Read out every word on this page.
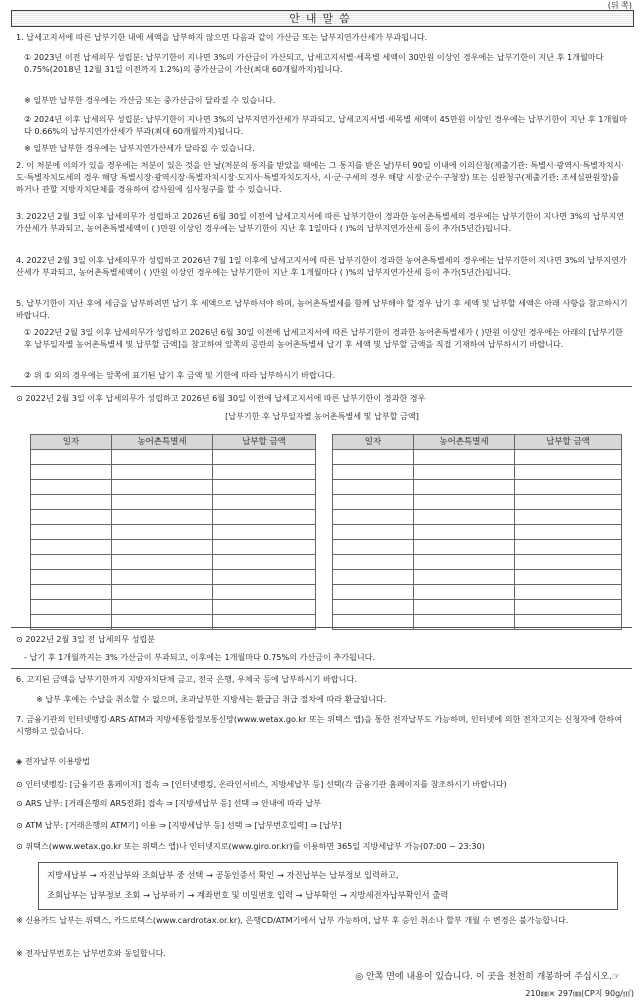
(뒤 쪽)
안내말씀

1. 납세고지서에 따른 납부기한 내에 세액을 납부하지 않으면 다음과 같이 가산금 또는 납부지연가산세가 부과됩니다.

① 2023년 이전 납세의무 성립분: 납부기한이 지나면 3%의 가산금이 가산되고, 납세고지서별·세목별 세액이 30만원 이상인 경우에는 납부기한이 지난 후 1개월마다 0.75%(2018년 12월 31일 이전까지 1.2%)의 중가산금이 가산(최대 60개월까지)됩니다.

※ 일부만 납부한 경우에는 가산금 또는 중가산금이 달라질 수 있습니다.

② 2024년 이후 납세의무 성립분: 납부기한이 지나면 3%의 납부지연가산세가 부과되고, 납세고지서별·세목별 세액이 45만원 이상인 경우에는 납부기한이 지난 후 1개월마다 0.66%의 납부지연가산세가 부과(최대 60개월까지)됩니다.

※ 일부만 납부한 경우에는 납부지연가산세가 달라질 수 있습니다.

2. 이 처분에 이의가 있을 경우에는 처분이 있은 것을 안 날(처분의 통지를 받았을 때에는 그 통지를 받은 날)부터 90일 이내에 이의신청(제출기관: 특별시·광역시·특별자치시·도·특별자치도세의 경우 해당 특별시장·광역시장·특별자치시장·도지사·특별자치도지사, 시·군·구세의 경우 해당 시장·군수·구청장) 또는 심판청구(제출기관: 조세심판원장)를 하거나 관할 지방자치단체를 경유하여 감사원에 심사청구를 할 수 있습니다.

3. 2022년 2월 3일 이후 납세의무가 성립하고 2026년 6월 30일 이전에 납세고지서에 따른 납부기한이 경과한 농어촌특별세의 경우에는 납부기한이 지나면 3%의 납부지연가산세가 부과되고, 농어촌특별세액이 ( )만원 이상인 경우에는 납부기한이 지난 후 1일마다 ( )%의 납부지연가산세 등이 추가(5년간)됩니다.

4. 2022년 2월 3일 이후 납세의무가 성립하고 2026년 7월 1일 이후에 납세고지서에 따른 납부기한이 경과한 농어촌특별세의 경우에는 납부기한이 지나면 3%의 납부지연가산세가 부과되고, 농어촌특별세액이 ( )만원 이상인 경우에는 납부기한이 지난 후 1개월마다 ( )%의 납부지연가산세 등이 추가(5년간)됩니다.

5. 납부기한이 지난 후에 세금을 납부하려면 납기 후 세액으로 납부하셔야 하며, 농어촌특별세를 함께 납부해야 할 경우 납기 후 세액 및 납부할 세액은 아래 사항을 참고하시기 바랍니다.

① 2022년 2월 3일 이후 납세의무가 성립하고 2026년 6월 30일 이전에 납세고지서에 따른 납부기한이 경과한 농어촌특별세가 ( )만원 이상인 경우에는 아래의 [납부기한 후 납부일자별 농어촌특별세 및 납부할 금액]을 참고하여 앞쪽의 공란의 농어촌특별세 납기 후 세액 및 납부할 금액을 직접 기재하여 납부하시기 바랍니다.

② 위 ① 외의 경우에는 앞쪽에 표기된 납기 후 금액 및 기한에 따라 납부하시기 바랍니다.

⊙ 2022년 2월 3일 이후 납세의무가 성립하고 2026년 6월 30일 이전에 납세고지서에 따른 납부기한이 경과한 경우

[납부기한 후 납부일자별 농어촌특별세 및 납부할 금액]

일자	농어촌특별세	납부할 금액

			일자	농어촌특별세	납부할 금액

⊙ 2022년 2월 3일 전 납세의무 성립분

- 납기 후 1개월까지는 3% 가산금이 부과되고, 이후에는 1개월마다 0.75%의 가산금이 추가됩니다.

6. 고지된 금액을 납부기한까지 지방자치단체 금고, 전국 은행, 우체국 등에 납부하시기 바랍니다.

※ 납부 후에는 수납을 취소할 수 없으며, 초과납부한 지방세는 환급금 취급 절차에 따라 환급됩니다.

7. 금융기관의 인터넷뱅킹·ARS·ATM과 지방세통합정보통신망(www.wetax.go.kr 또는 위택스 앱)을 통한 전자납부도 가능하며, 인터넷에 의한 전자고지는 신청자에 한하여 시행하고 있습니다.

◈ 전자납부 이용방법

⊙ 인터넷뱅킹: [금융기관 홈페이지] 접속 ⇒ [인터넷뱅킹, 온라인서비스, 지방세납부 등] 선택(각 금융기관 홈페이지를 참조하시기 바랍니다)

⊙ ARS 납부: [거래은행의 ARS전화] 접속 ⇒ [지방세납부 등] 선택 ⇒ 안내에 따라 납부

⊙ ATM 납부: [거래은행의 ATM기] 이용 ⇒ [지방세납부 등] 선택 ⇒ [납부번호입력] ⇒ [납부]

⊙ 위택스(www.wetax.go.kr 또는 위택스 앱)나 인터넷지로(www.giro.or.kr)를 이용하면 365일 지방세납부 가능(07:00 ~ 23:30)

지방세납부 → 자진납부와 조회납부 중 선택 → 공동인증서 확인 → 자진납부는 납부정보 입력하고,
조회납부는 납부정보 조회 → 납부하기 → 계좌번호 및 비밀번호 입력 → 납부확인 → 지방세전자납부확인서 출력

※ 신용카드 납부는 위택스, 카드로택스(www.cardrotax.or.kr), 은행CD/ATM기에서 납부 가능하며, 납부 후 승인 취소나 할부 개월 수 변경은 불가능합니다.

※ 전자납부번호는 납부번호와 동일합니다.

◎ 안쪽 면에 내용이 있습니다. 이 곳을 천천히 개봉하여 주십시오.☞
210㎜× 297㎜(CP지 90g/㎡)
